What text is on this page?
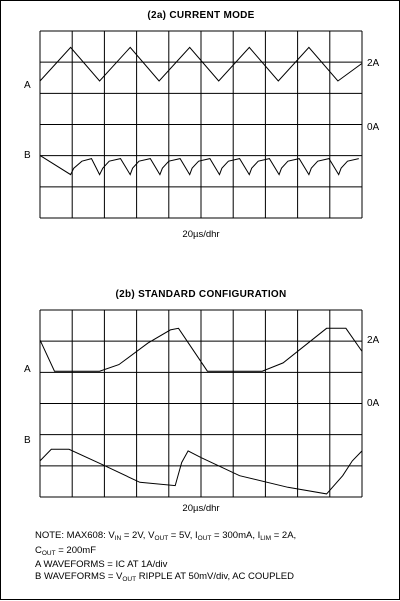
(2a) CURRENT MODE
A
B
2A
0A
20µs/dhr
(2b) STANDARD CONFIGURATION
A
B
2A
0A
20µs/dhr
NOTE: MAX608: $V_{IN} = 2V$, $V_{OUT} = 5V$, $I_{OUT} = 300mA$, $I_{LIM} = 2A$,
$C_{OUT} = 200mF$
A WAVEFORMS = IC AT 1A/div
B WAVEFORMS = $V_{OUT}$ RIPPLE AT 50mV/div, AC COUPLED
